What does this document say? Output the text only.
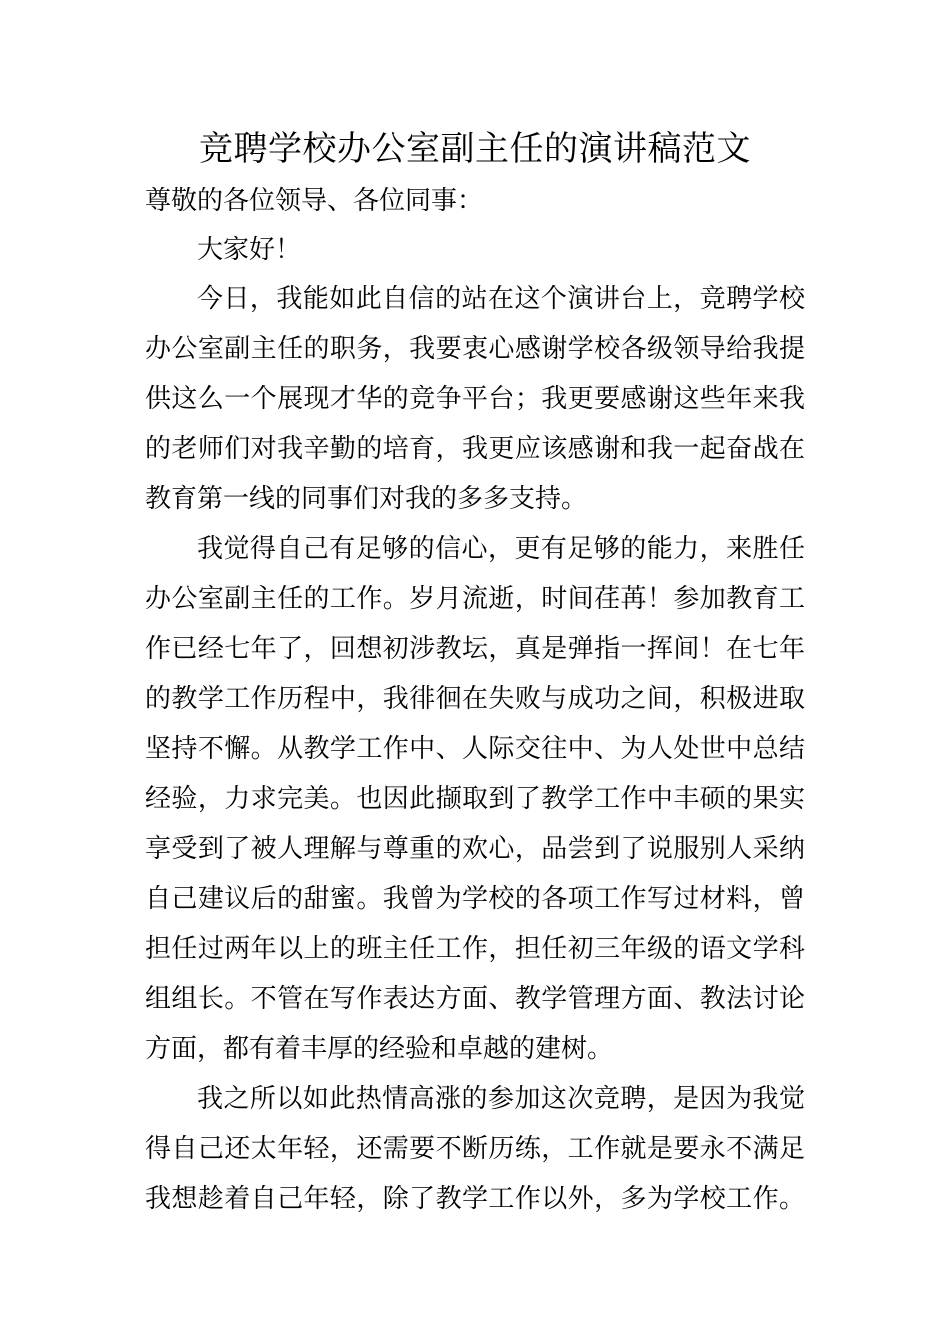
竞聘学校办公室副主任的演讲稿范文
尊敬的各位领导、各位同事：
大家好！
今日，我能如此自信的站在这个演讲台上，竞聘学校
办公室副主任的职务，我要衷心感谢学校各级领导给我提
供这么一个展现才华的竞争平台；我更要感谢这些年来我
的老师们对我辛勤的培育，我更应该感谢和我一起奋战在
教育第一线的同事们对我的多多支持。
我觉得自己有足够的信心，更有足够的能力，来胜任
办公室副主任的工作。岁月流逝，时间荏苒！参加教育工
作已经七年了，回想初涉教坛，真是弹指一挥间！在七年
的教学工作历程中，我徘徊在失败与成功之间，积极进取
坚持不懈。从教学工作中、人际交往中、为人处世中总结
经验，力求完美。也因此撷取到了教学工作中丰硕的果实
享受到了被人理解与尊重的欢心，品尝到了说服别人采纳
自己建议后的甜蜜。我曾为学校的各项工作写过材料，曾
担任过两年以上的班主任工作，担任初三年级的语文学科
组组长。不管在写作表达方面、教学管理方面、教法讨论
方面，都有着丰厚的经验和卓越的建树。
我之所以如此热情高涨的参加这次竞聘，是因为我觉
得自己还太年轻，还需要不断历练，工作就是要永不满足
我想趁着自己年轻，除了教学工作以外，多为学校工作。
